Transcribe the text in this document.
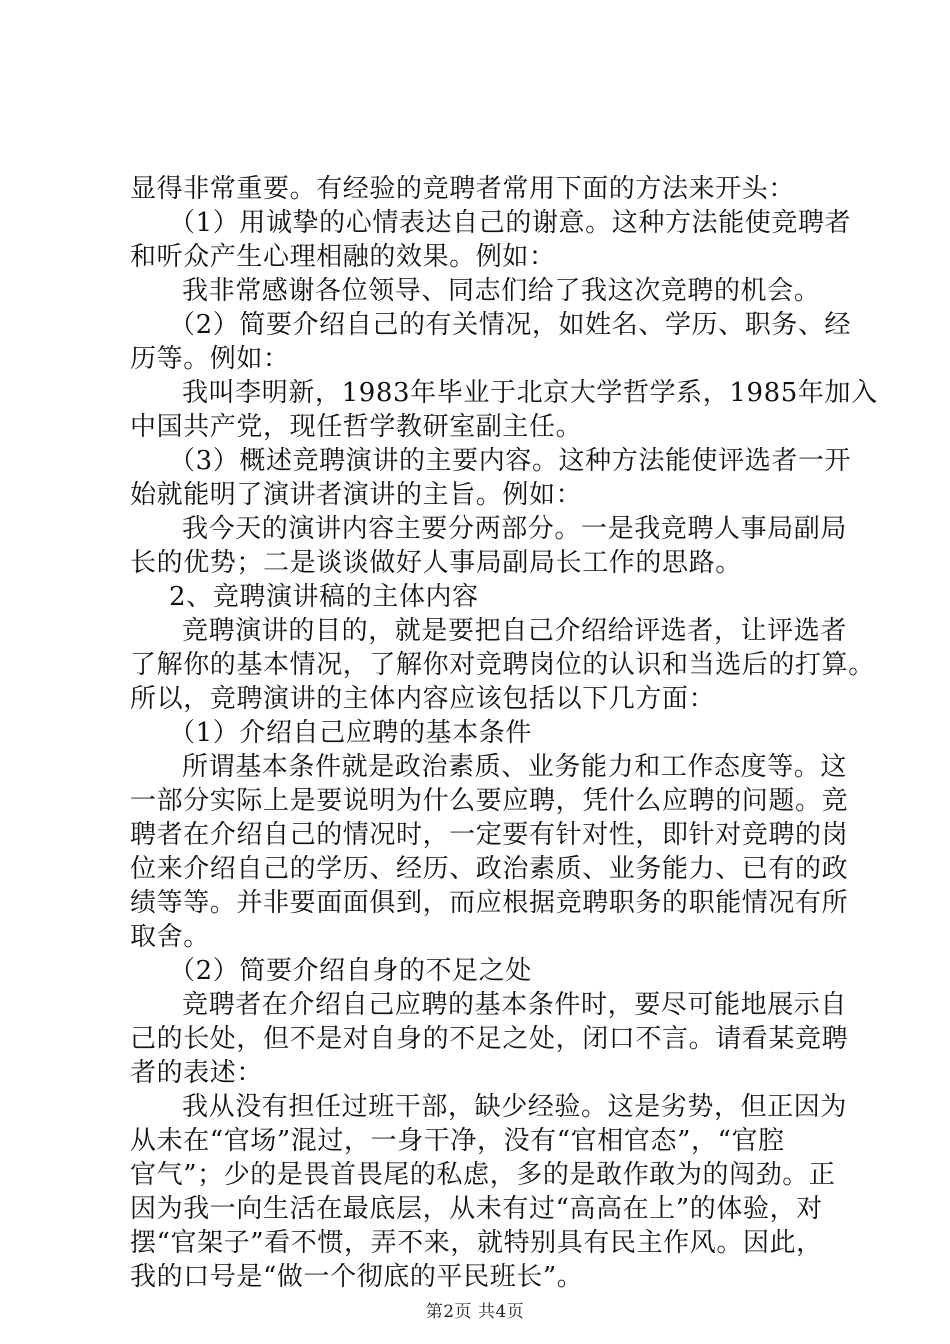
显得非常重要。有经验的竞聘者常用下面的方法来开头：
（1）用诚挚的心情表达自己的谢意。这种方法能使竞聘者
和听众产生心理相融的效果。例如：
我非常感谢各位领导、同志们给了我这次竞聘的机会。
（2）简要介绍自己的有关情况，如姓名、学历、职务、经
历等。例如：
我叫李明新，1983年毕业于北京大学哲学系，1985年加入
中国共产党，现任哲学教研室副主任。
（3）概述竞聘演讲的主要内容。这种方法能使评选者一开
始就能明了演讲者演讲的主旨。例如：
我今天的演讲内容主要分两部分。一是我竞聘人事局副局
长的优势；二是谈谈做好人事局副局长工作的思路。
2、竞聘演讲稿的主体内容
竞聘演讲的目的，就是要把自己介绍给评选者，让评选者
了解你的基本情况，了解你对竞聘岗位的认识和当选后的打算。
所以，竞聘演讲的主体内容应该包括以下几方面：
（1）介绍自己应聘的基本条件
所谓基本条件就是政治素质、业务能力和工作态度等。这
一部分实际上是要说明为什么要应聘，凭什么应聘的问题。竞
聘者在介绍自己的情况时，一定要有针对性，即针对竞聘的岗
位来介绍自己的学历、经历、政治素质、业务能力、已有的政
绩等等。并非要面面俱到，而应根据竞聘职务的职能情况有所
取舍。
（2）简要介绍自身的不足之处
竞聘者在介绍自己应聘的基本条件时，要尽可能地展示自
己的长处，但不是对自身的不足之处，闭口不言。请看某竞聘
者的表述：
我从没有担任过班干部，缺少经验。这是劣势，但正因为
从未在“官场”混过，一身干净，没有“官相官态”，“官腔
官气”；少的是畏首畏尾的私虑，多的是敢作敢为的闯劲。正
因为我一向生活在最底层，从未有过“高高在上”的体验，对
摆“官架子”看不惯，弄不来，就特别具有民主作风。因此，
我的口号是“做一个彻底的平民班长”。
第2页 共4页
